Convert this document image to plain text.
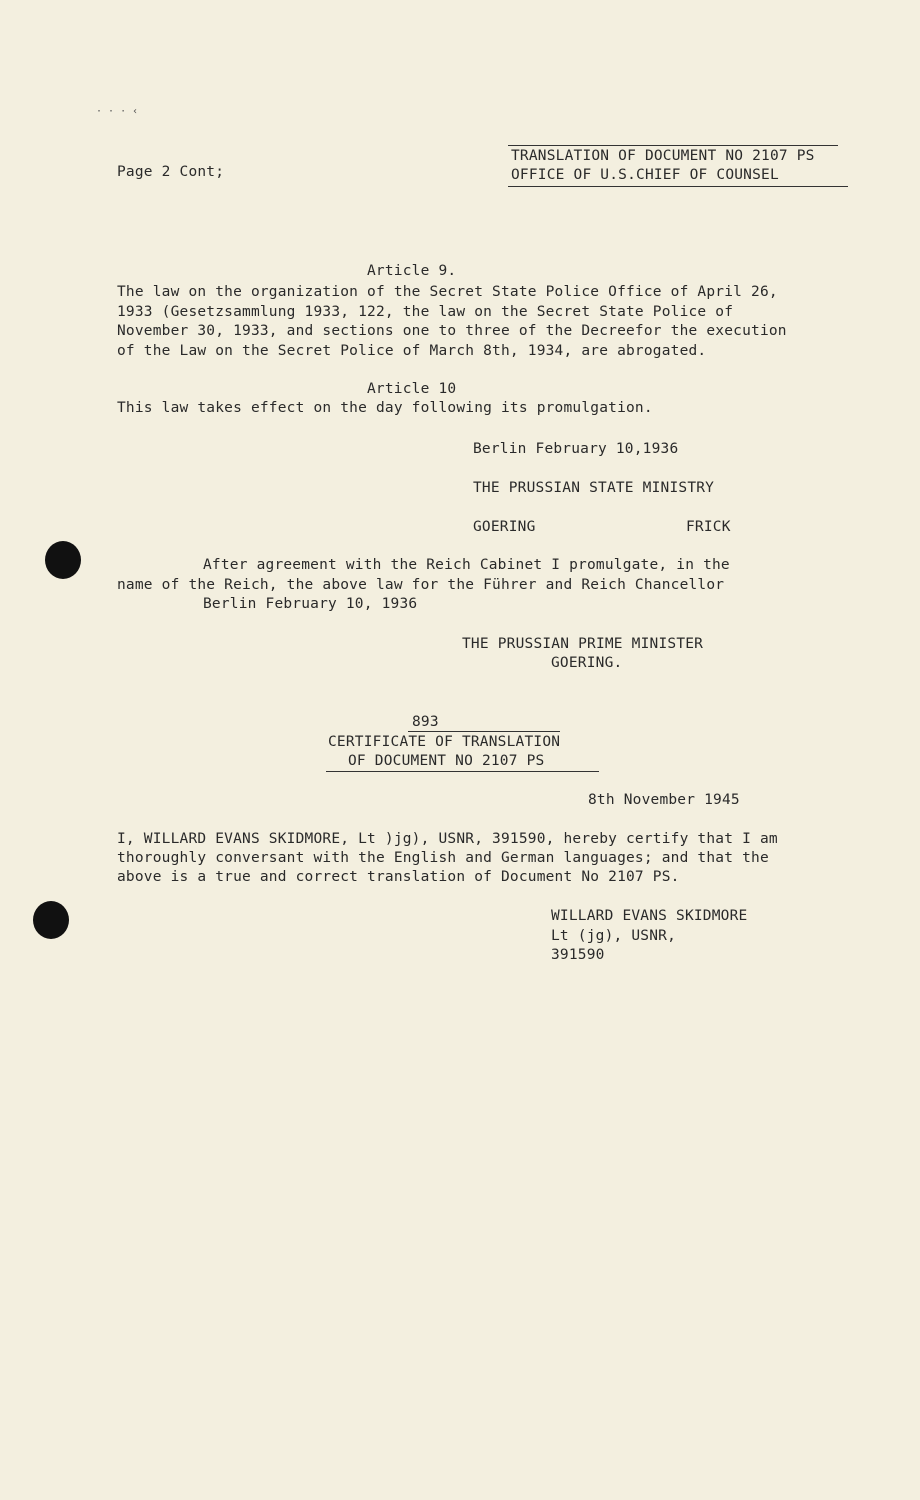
· · · ‹
Page 2 Cont;
TRANSLATION OF DOCUMENT NO 2107 PS
OFFICE OF U.S.CHIEF OF COUNSEL
Article 9.
The law on the organization of the Secret State Police Office of April 26,
1933 (Gesetzsammlung 1933, 122, the law on the Secret State Police of
November 30, 1933, and sections one to three of the Decreefor the execution
of the Law on the Secret Police of March 8th, 1934, are abrogated.
Article 10
This law takes effect on the day following its promulgation.
Berlin February 10,1936
THE PRUSSIAN STATE MINISTRY
GOERING	FRICK
After agreement with the Reich Cabinet I promulgate, in the
name of the Reich, the above law for the Führer and Reich Chancellor
Berlin February 10, 1936
THE PRUSSIAN PRIME MINISTER
GOERING.
893
CERTIFICATE OF TRANSLATION
OF DOCUMENT NO 2107 PS
8th November 1945
I, WILLARD EVANS SKIDMORE, Lt )jg), USNR, 391590, hereby certify that I am
thoroughly conversant with the English and German languages; and that the
above is a true and correct translation of Document No 2107 PS.
WILLARD EVANS SKIDMORE
Lt (jg), USNR,
391590
